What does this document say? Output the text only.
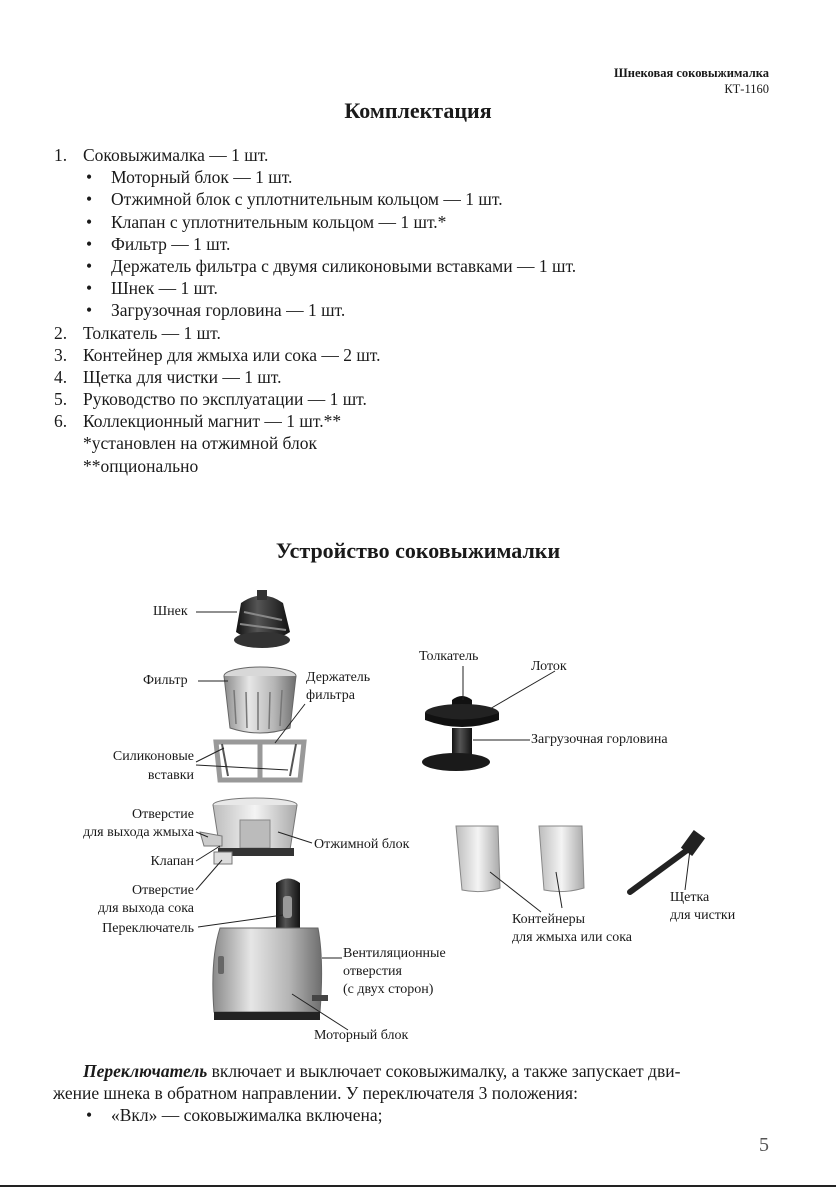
Шнековая соковыжималка
КТ-1160
Комплектация
1. Соковыжималка — 1 шт.
• Моторный блок — 1 шт.
• Отжимной блок с уплотнительным кольцом — 1 шт.
• Клапан с уплотнительным кольцом — 1 шт.*
• Фильтр — 1 шт.
• Держатель фильтра с двумя силиконовыми вставками — 1 шт.
• Шнек — 1 шт.
• Загрузочная горловина — 1 шт.
2. Толкатель — 1 шт.
3. Контейнер для жмыха или сока — 2 шт.
4. Щетка для чистки — 1 шт.
5. Руководство по эксплуатации — 1 шт.
6. Коллекционный магнит — 1 шт.**
*установлен на отжимной блок
**опционально
Устройство соковыжималки
Шнек
Фильтр	Держатель
фильтра
Силиконовые
вставки
Отверстие
для выхода жмыха
Клапан
Отверстие
для выхода сока
Переключатель
Отжимной блок
Вентиляционные
отверстия
(с двух сторон)
Моторный блок
Толкатель
Лоток
Загрузочная горловина
Контейнеры
для жмыха или сока
Щетка
для чистки
Переключатель включает и выключает соковыжималку, а также запускает дви-
жение шнека в обратном направлении. У переключателя 3 положения:
• «Вкл» — соковыжималка включена;
5
